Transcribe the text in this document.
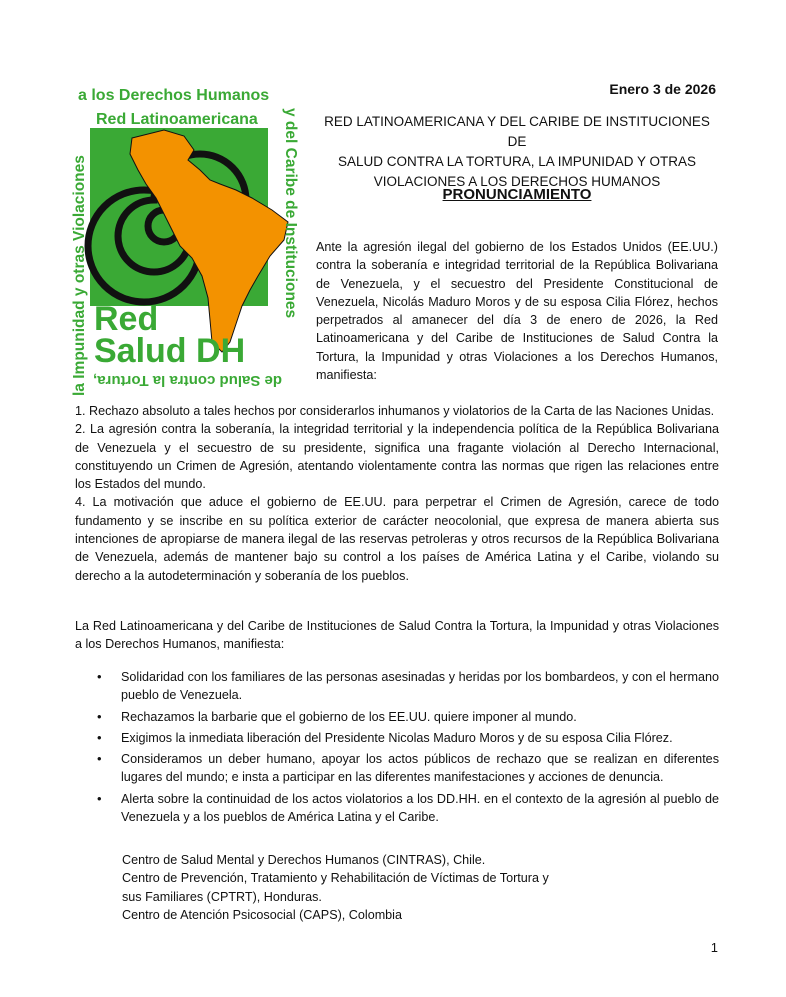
a los Derechos Humanos
Red Latinoamericana y del Caribe de Instituciones
la Impunidad y otras Violaciones de Salud contra la Tortura,
Red
Salud DH
Enero 3 de 2026
RED LATINOAMERICANA Y DEL CARIBE DE INSTITUCIONES DE
SALUD CONTRA LA TORTURA, LA IMPUNIDAD Y OTRAS
VIOLACIONES A LOS DERECHOS HUMANOS
PRONUNCIAMIENTO

Ante la agresión ilegal del gobierno de los Estados Unidos (EE.UU.) contra la soberanía e integridad territorial de la República Bolivariana de Venezuela, y el secuestro del Presidente Constitucional de Venezuela, Nicolás Maduro Moros y de su esposa Cilia Flórez, hechos perpetrados al amanecer del día 3 de enero de 2026, la Red Latinoamericana y del Caribe de Instituciones de Salud Contra la Tortura, la Impunidad y otras Violaciones a los Derechos Humanos, manifiesta:

1. Rechazo absoluto a tales hechos por considerarlos inhumanos y violatorios de la Carta de las Naciones Unidas.

2. La agresión contra la soberanía, la integridad territorial y la independencia política de la República Bolivariana de Venezuela y el secuestro de su presidente, significa una fragante violación al Derecho Internacional, constituyendo un Crimen de Agresión, atentando violentamente contra las normas que rigen las relaciones entre los Estados del mundo.

4. La motivación que aduce el gobierno de EE.UU. para perpetrar el Crimen de Agresión, carece de todo fundamento y se inscribe en su política exterior de carácter neocolonial, que expresa de manera abierta sus intenciones de apropiarse de manera ilegal de las reservas petroleras y otros recursos de la República Bolivariana de Venezuela, además de mantener bajo su control a los países de América Latina y el Caribe, violando su derecho a la autodeterminación y soberanía de los pueblos.

La Red Latinoamericana y del Caribe de Instituciones de Salud Contra la Tortura, la Impunidad y otras Violaciones a los Derechos Humanos, manifiesta:

• Solidaridad con los familiares de las personas asesinadas y heridas por los bombardeos, y con el hermano pueblo de Venezuela.
• Rechazamos la barbarie que el gobierno de los EE.UU. quiere imponer al mundo.
• Exigimos la inmediata liberación del Presidente Nicolas Maduro Moros y de su esposa Cilia Flórez.
• Consideramos un deber humano, apoyar los actos públicos de rechazo que se realizan en diferentes lugares del mundo; e insta a participar en las diferentes manifestaciones y acciones de denuncia.
• Alerta sobre la continuidad de los actos violatorios a los DD.HH. en el contexto de la agresión al pueblo de Venezuela y a los pueblos de América Latina y el Caribe.
Centro de Salud Mental y Derechos Humanos (CINTRAS), Chile.
Centro de Prevención, Tratamiento y Rehabilitación de Víctimas de Tortura y
sus Familiares (CPTRT), Honduras.
Centro de Atención Psicosocial (CAPS), Colombia
1
